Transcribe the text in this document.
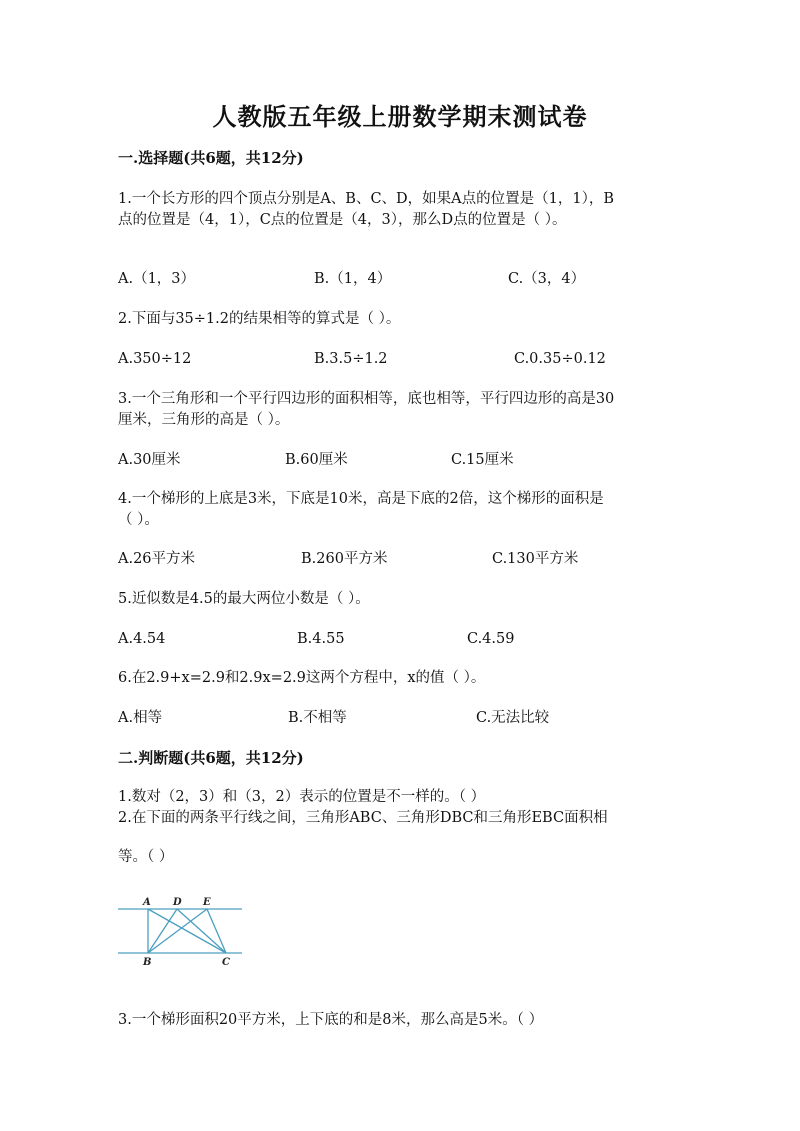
人教版五年级上册数学期末测试卷
一.选择题(共6题，共12分)
1.一个长方形的四个顶点分别是A、B、C、D，如果A点的位置是（1，1），B
点的位置是（4，1），C点的位置是（4，3），那么D点的位置是（ ）。
A.（1，3）	B.（1，4）	C.（3，4）
2.下面与35÷1.2的结果相等的算式是（ ）。
A.350÷12	B.3.5÷1.2	C.0.35÷0.12
3.一个三角形和一个平行四边形的面积相等，底也相等，平行四边形的高是30
厘米，三角形的高是（ ）。
A.30厘米	B.60厘米	C.15厘米
4.一个梯形的上底是3米，下底是10米，高是下底的2倍，这个梯形的面积是
（ ）。
A.26平方米	B.260平方米	C.130平方米
5.近似数是4.5的最大两位小数是（ ）。
A.4.54	B.4.55	C.4.59
6.在2.9+x=2.9和2.9x=2.9这两个方程中，x的值（ ）。
A.相等	B.不相等	C.无法比较
二.判断题(共6题，共12分)
1.数对（2，3）和（3，2）表示的位置是不一样的。（ ）
2.在下面的两条平行线之间，三角形ABC、三角形DBC和三角形EBC面积相
等。（ ）
A D E
B	C
3.一个梯形面积20平方米，上下底的和是8米，那么高是5米。（ ）
